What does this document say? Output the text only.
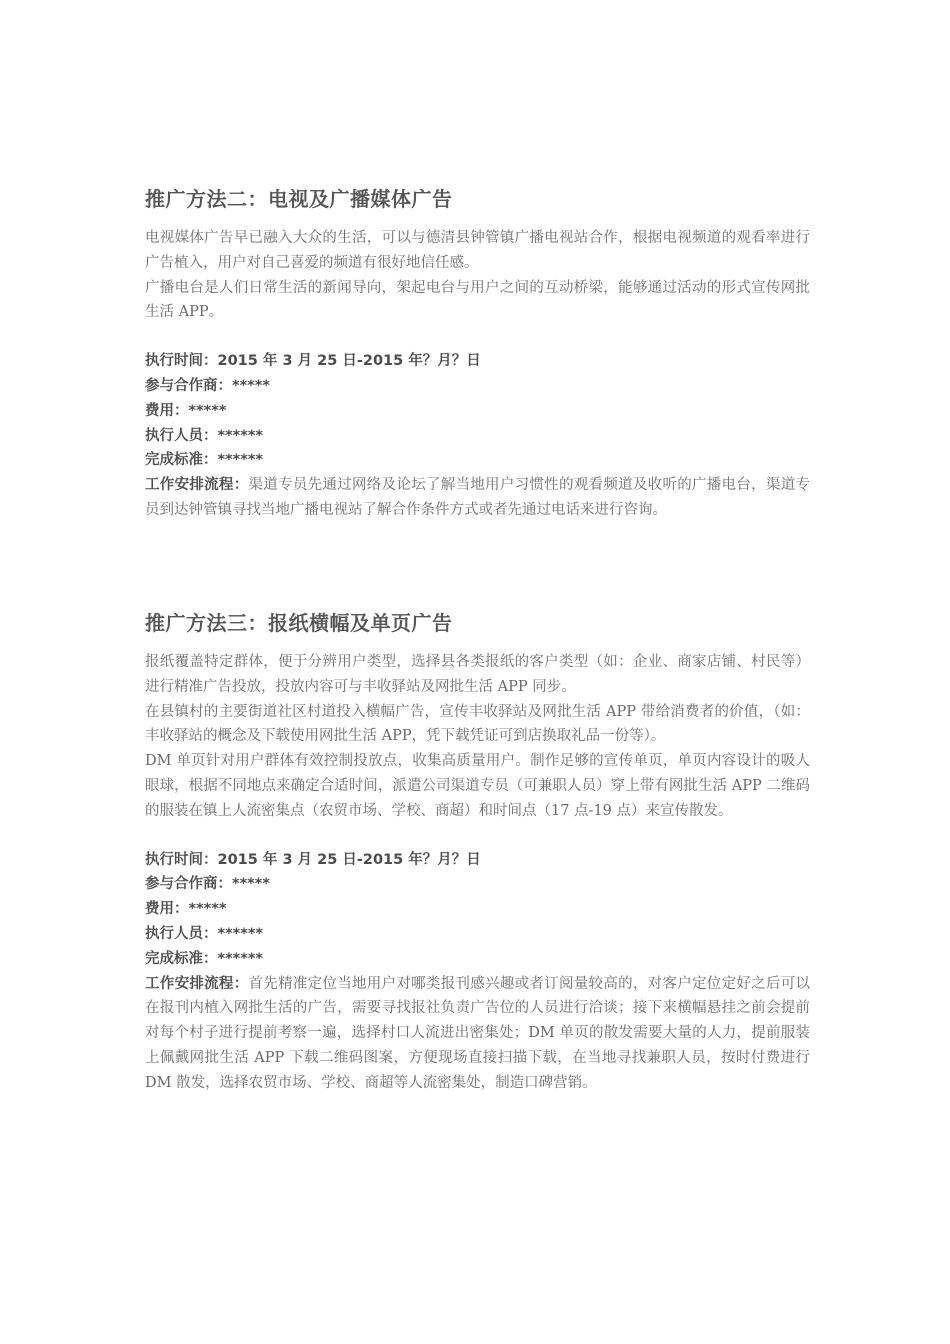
推广方法二：电视及广播媒体广告

电视媒体广告早已融入大众的生活，可以与德清县钟管镇广播电视站合作，根据电视频道的观看率进行广告植入，用户对自己喜爱的频道有很好地信任感。

广播电台是人们日常生活的新闻导向，架起电台与用户之间的互动桥梁，能够通过活动的形式宣传网批生活 APP。

执行时间：2015 年 3 月 25 日-2015 年？月？日

参与合作商：*****

费用：*****

执行人员：******

完成标准：******

工作安排流程：渠道专员先通过网络及论坛了解当地用户习惯性的观看频道及收听的广播电台，渠道专员到达钟管镇寻找当地广播电视站了解合作条件方式或者先通过电话来进行咨询。

推广方法三：报纸横幅及单页广告

报纸覆盖特定群体，便于分辨用户类型，选择县各类报纸的客户类型（如：企业、商家店铺、村民等）进行精准广告投放，投放内容可与丰收驿站及网批生活 APP 同步。

在县镇村的主要街道社区村道投入横幅广告，宣传丰收驿站及网批生活 APP 带给消费者的价值，（如：丰收驿站的概念及下载使用网批生活 APP，凭下载凭证可到店换取礼品一份等）。

DM 单页针对用户群体有效控制投放点，收集高质量用户。制作足够的宣传单页，单页内容设计的吸人眼球，根据不同地点来确定合适时间，派遣公司渠道专员（可兼职人员）穿上带有网批生活 APP 二维码的服装在镇上人流密集点（农贸市场、学校、商超）和时间点（17 点-19 点）来宣传散发。

执行时间：2015 年 3 月 25 日-2015 年？月？日

参与合作商：*****

费用：*****

执行人员：******

完成标准：******

工作安排流程：首先精准定位当地用户对哪类报刊感兴趣或者订阅量较高的，对客户定位定好之后可以在报刊内植入网批生活的广告，需要寻找报社负责广告位的人员进行洽谈；接下来横幅悬挂之前会提前对每个村子进行提前考察一遍，选择村口人流进出密集处；DM 单页的散发需要大量的人力，提前服装上佩戴网批生活 APP 下载二维码图案，方便现场直接扫描下载，在当地寻找兼职人员，按时付费进行 DM 散发，选择农贸市场、学校、商超等人流密集处，制造口碑营销。
